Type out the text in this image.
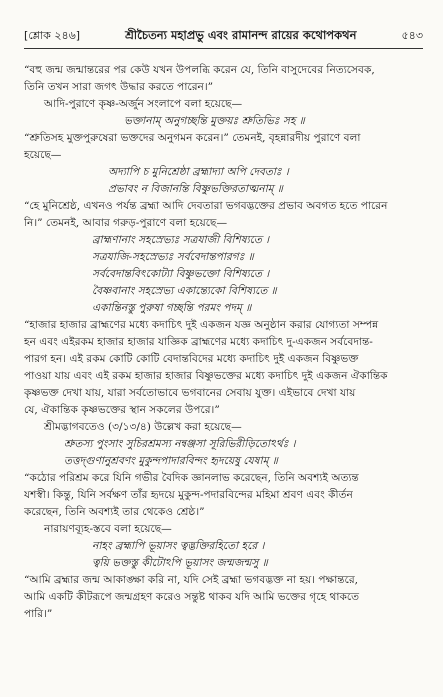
[শ্লোক ২৪৬]	শ্রীচৈতন্য মহাপ্রভু এবং রামানন্দ রায়ের কথোপকথন	৫৪৩

“বহু জন্ম জন্মান্তরের পর কেউ যখন উপলব্ধি করেন যে, তিনি বাসুদেবের নিত্যসেবক,

তিনি তখন সারা জগৎ উদ্ধার করতে পারেন।”

আদি-পুরাণে কৃষ্ণ-অর্জুন সংলাপে বলা হয়েছে—

ভক্তানাম্ অনুগচ্ছন্তি মুক্তয়ঃ শ্রুতিভিঃ সহ ॥

“শ্রুতিসহ মুক্তপুরুষেরা ভক্তদের অনুগমন করেন।” তেমনই, বৃহন্নারদীয় পুরাণে বলা

হয়েছে—

অদ্যাপি চ মুনিশ্রেষ্ঠা ব্রহ্মাদ্যা অপি দেবতাঃ ।

প্রভাবং ন বিজানন্তি বিষ্ণুভক্তিরতাত্মনাম্ ॥

“হে মুনিশ্রেষ্ঠ, এখনও পর্যন্ত ব্রহ্মা আদি দেবতারা ভগবদ্ভক্তের প্রভাব অবগত হতে পারেন

নি।” তেমনই, আবার গরুড়-পুরাণে বলা হয়েছে—

ব্রাহ্মণানাং সহস্রেভ্যঃ সত্রযাজী বিশিষ্যতে ।

সত্রযাজি-সহস্রেভ্যঃ সর্ববেদান্তপারগঃ ॥

সর্ববেদান্তবিৎকোট্যা বিষ্ণুভক্তো বিশিষ্যতে ।

বৈষ্ণবানাং সহস্রেভ্য একান্ত্যেকো বিশিষ্যতে ॥

একান্তিনস্তু পুরুষা গচ্ছন্তি পরমং পদম্ ॥

“হাজার হাজার ব্রাহ্মণের মধ্যে কদাচিৎ দুই একজন যজ্ঞ অনুষ্ঠান করার যোগ্যতা সম্পন্ন

হন এবং এইরকম হাজার হাজার যাজ্ঞিক ব্রাহ্মণের মধ্যে কদাচিৎ দু-একজন সর্ববেদান্ত-

পারগ হন। এই রকম কোটি কোটি বেদান্তবিদের মধ্যে কদাচিৎ দুই একজন বিষ্ণুভক্ত

পাওয়া যায় এবং এই রকম হাজার হাজার বিষ্ণুভক্তের মধ্যে কদাচিৎ দুই একজন ঐকান্তিক

কৃষ্ণভক্ত দেখা যায়, যারা সর্বতোভাবে ভগবানের সেবায় যুক্ত। এইভাবে দেখা যায়

যে, ঐকান্তিক কৃষ্ণভক্তের স্থান সকলের উপরে।”

শ্রীমদ্ভাগবতেও (৩/১৩/৪) উল্লেখ করা হয়েছে—

শ্রুতস্য পুংসাং সুচিরশ্রমস্য নন্বঞ্জসা সূরিভিরীড়িতোঽর্থঃ ।

তত্তদ্গুণানুশ্রবণং মুকুন্দপাদারবিন্দং হৃদয়েষু যেষাম্ ॥

“কঠোর পরিশ্রম করে যিনি গভীর বৈদিক জ্ঞানলাভ করেছেন, তিনি অবশ্যই অত্যন্ত

যশস্বী। কিন্তু, যিনি সর্বক্ষণ তাঁর হৃদয়ে মুকুন্দ-পদারবিন্দের মহিমা শ্রবণ এবং কীর্তন

করেছেন, তিনি অবশ্যই তার থেকেও শ্রেষ্ঠ।”

নারায়ণব্যূহ-স্তবে বলা হয়েছে—

নাহং ব্রহ্মাপি ভূয়াসং ত্বদ্ভক্তিরহিতো হরে ।

ত্বয়ি ভক্তস্তু কীটোঽপি ভূয়াসং জন্মজন্মসু ॥

“আমি ব্রহ্মার জন্ম আকাঙ্ক্ষা করি না, যদি সেই ব্রহ্মা ভগবদ্ভক্ত না হয়। পক্ষান্তরে,

আমি একটি কীটরূপে জন্মগ্রহণ করেও সন্তুষ্ট থাকব যদি আমি ভক্তের গৃহে থাকতে

পারি।”
